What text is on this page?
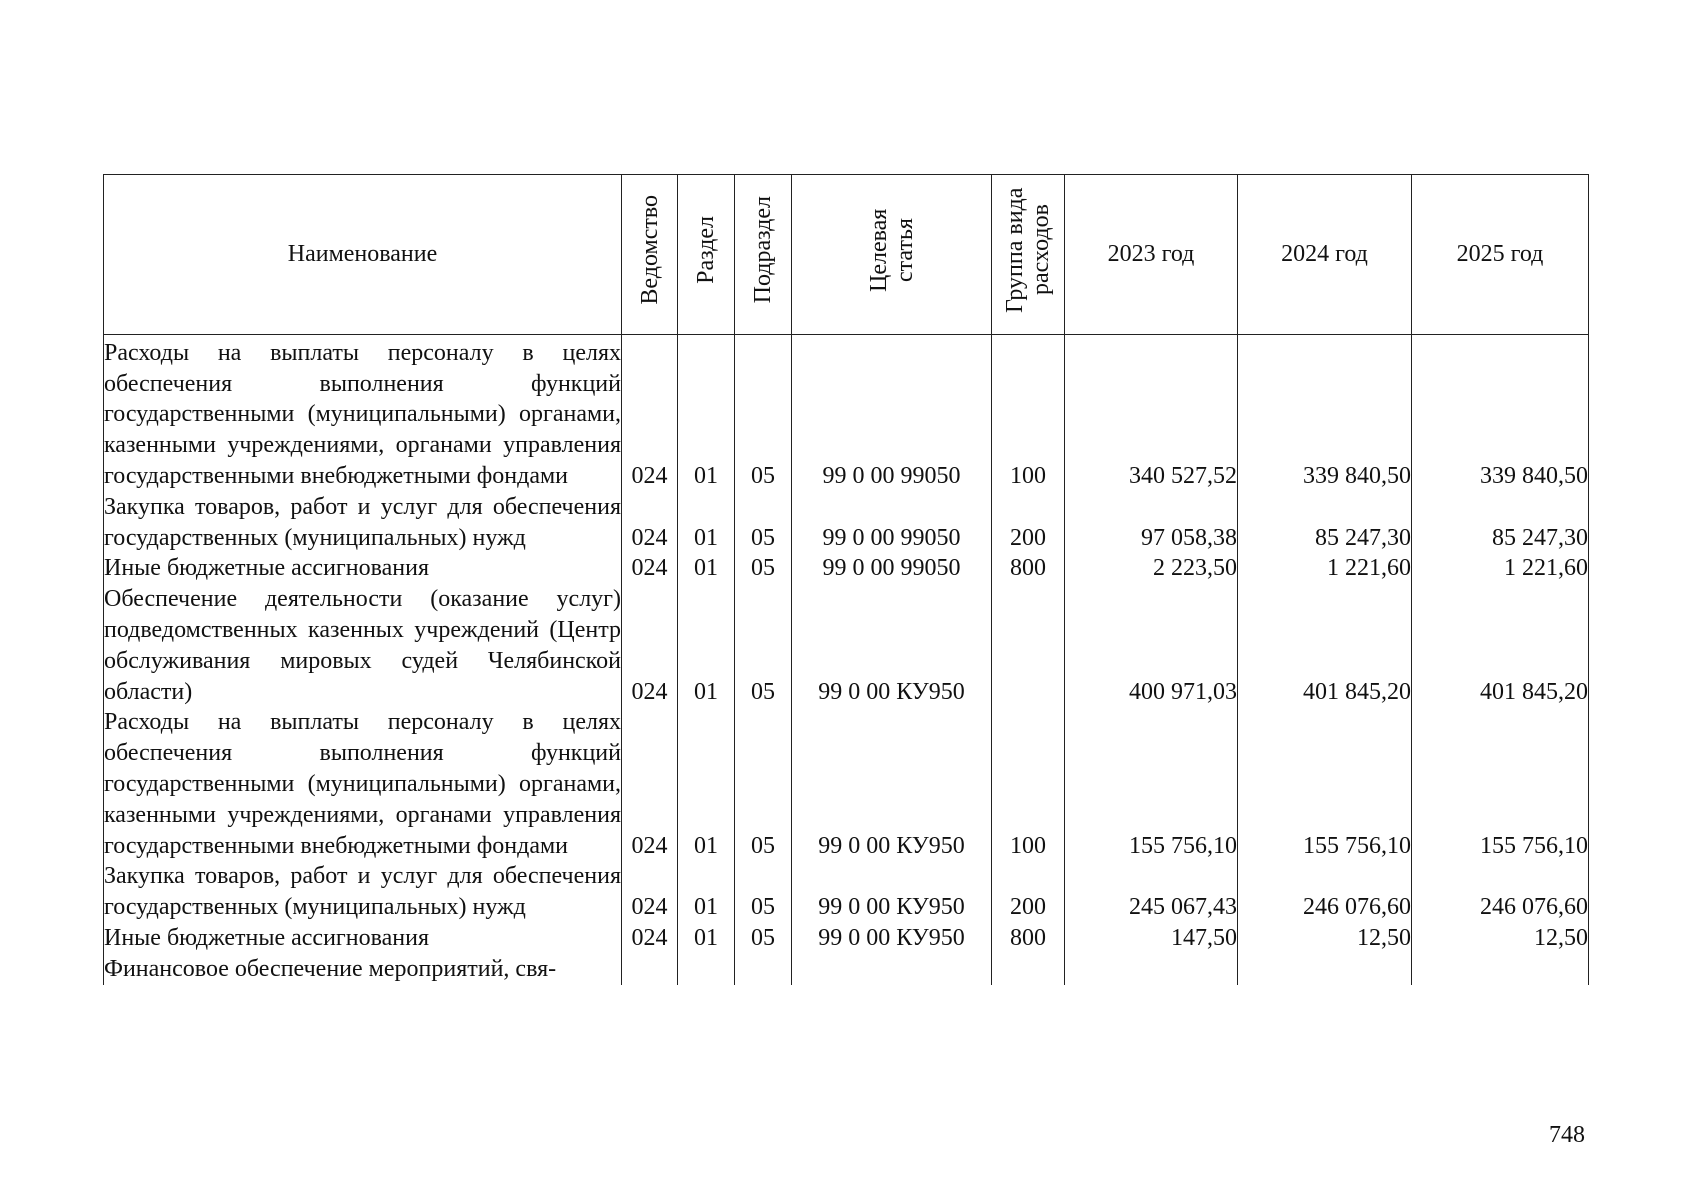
Наименование	Ведомство	Раздел	Подраздел	Целевая статья	Группа вида расходов	2023 год	2024 год	2025 год
Расходы на выплаты персоналу в целях обеспечения выполнения функций государственными (муниципальными) органами, казенными учреждениями, органами управления государственными внебюджетными фондами	024	01	05	99 0 00 99050	100	340 527,52	339 840,50	339 840,50
Закупка товаров, работ и услуг для обеспечения государственных (муниципальных) нужд	024	01	05	99 0 00 99050	200	97 058,38	85 247,30	85 247,30
Иные бюджетные ассигнования	024	01	05	99 0 00 99050	800	2 223,50	1 221,60	1 221,60
Обеспечение деятельности (оказание услуг) подведомственных казенных учреждений (Центр обслуживания мировых судей Челябинской области)	024	01	05	99 0 00 КУ950		400 971,03	401 845,20	401 845,20
Расходы на выплаты персоналу в целях обеспечения выполнения функций государственными (муниципальными) органами, казенными учреждениями, органами управления государственными внебюджетными фондами	024	01	05	99 0 00 КУ950	100	155 756,10	155 756,10	155 756,10
Закупка товаров, работ и услуг для обеспечения государственных (муниципальных) нужд	024	01	05	99 0 00 КУ950	200	245 067,43	246 076,60	246 076,60
Иные бюджетные ассигнования	024	01	05	99 0 00 КУ950	800	147,50	12,50	12,50
Финансовое обеспечение мероприятий, свя-								
748
